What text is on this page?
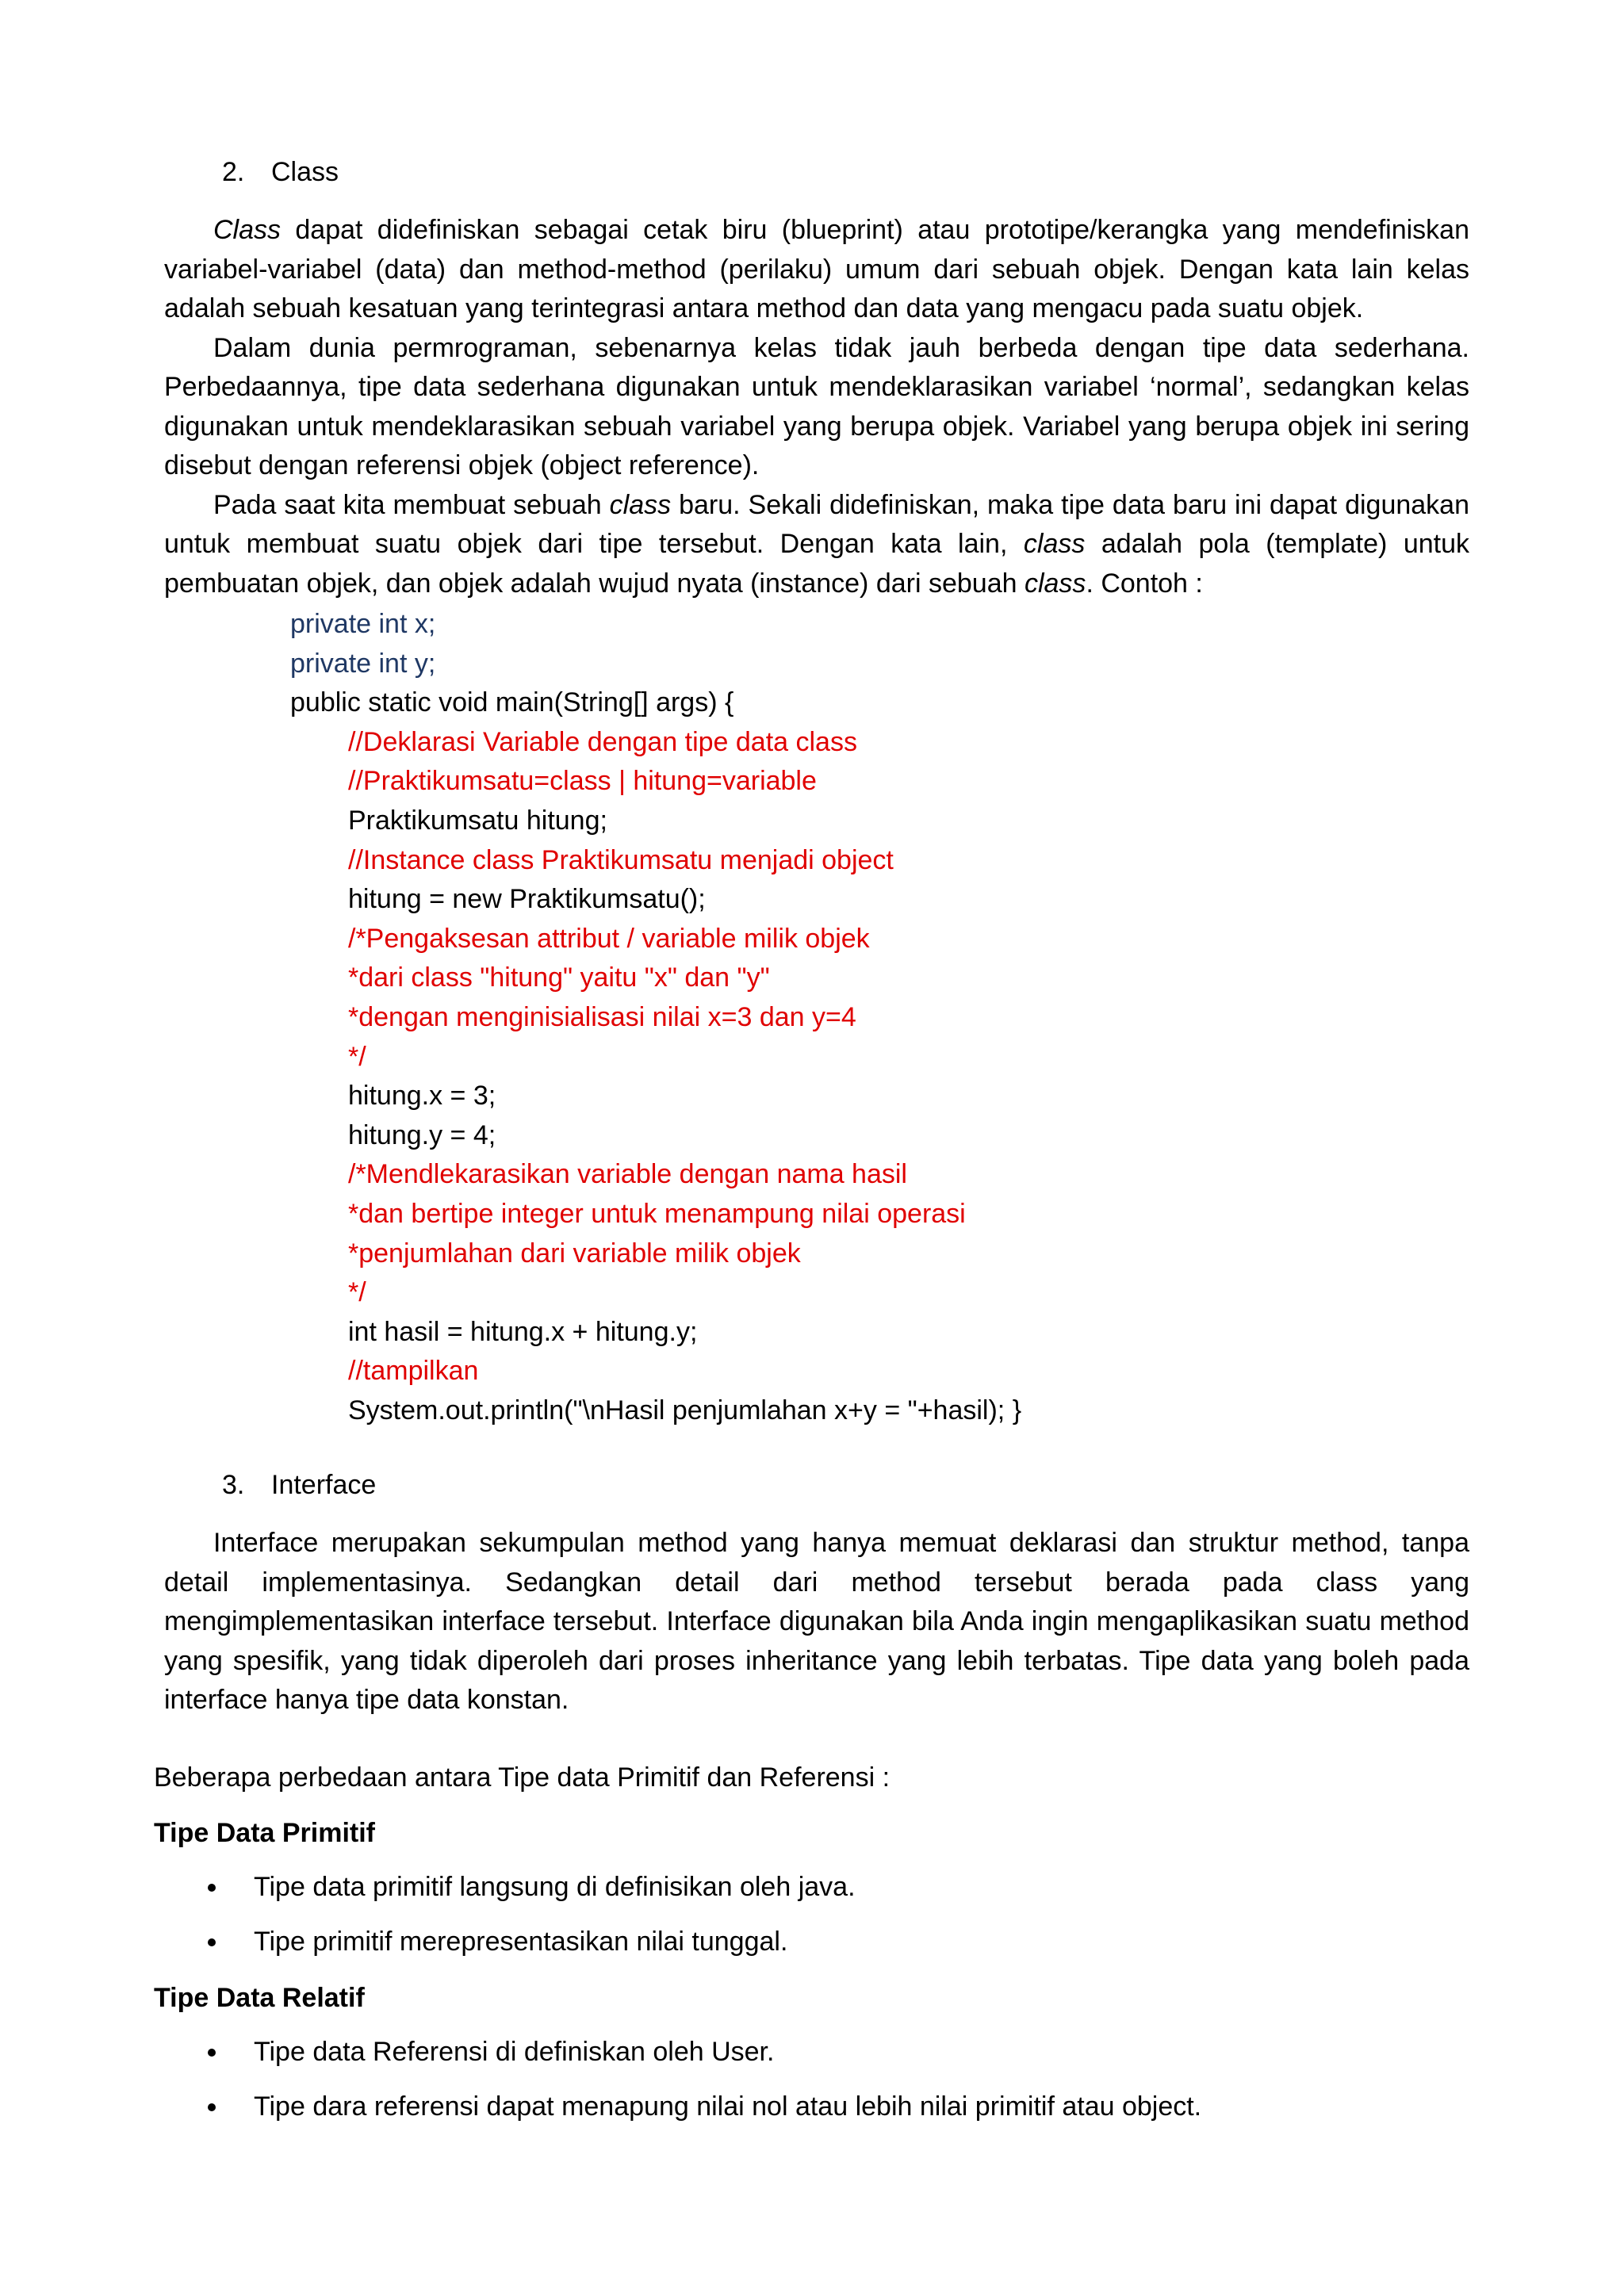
2. Class

Class dapat didefiniskan sebagai cetak biru (blueprint) atau prototipe/kerangka yang mendefiniskan variabel-variabel (data) dan method-method (perilaku) umum dari sebuah objek. Dengan kata lain kelas adalah sebuah kesatuan yang terintegrasi antara method dan data yang mengacu pada suatu objek.

Dalam dunia permrograman, sebenarnya kelas tidak jauh berbeda dengan tipe data sederhana. Perbedaannya, tipe data sederhana digunakan untuk mendeklarasikan variabel ‘normal’, sedangkan kelas digunakan untuk mendeklarasikan sebuah variabel yang berupa objek. Variabel yang berupa objek ini sering disebut dengan referensi objek (object reference).

Pada saat kita membuat sebuah class baru. Sekali didefiniskan, maka tipe data baru ini dapat digunakan untuk membuat suatu objek dari tipe tersebut. Dengan kata lain, class adalah pola (template) untuk pembuatan objek, dan objek adalah wujud nyata (instance) dari sebuah class. Contoh :

private int x;
private int y;
public static void main(String[] args) {
//Deklarasi Variable dengan tipe data class
//Praktikumsatu=class | hitung=variable
Praktikumsatu hitung;
//Instance class Praktikumsatu menjadi object
hitung = new Praktikumsatu();
/*Pengaksesan attribut / variable milik objek
*dari class "hitung" yaitu "x" dan "y"
*dengan menginisialisasi nilai x=3 dan y=4
*/
hitung.x = 3;
hitung.y = 4;
/*Mendlekarasikan variable dengan nama hasil
*dan bertipe integer untuk menampung nilai operasi
*penjumlahan dari variable milik objek
*/
int hasil = hitung.x + hitung.y;
//tampilkan
System.out.println("\nHasil penjumlahan x+y = "+hasil); }
3. Interface

Interface merupakan sekumpulan method yang hanya memuat deklarasi dan struktur method, tanpa detail implementasinya. Sedangkan detail dari method tersebut berada pada class yang mengimplementasikan interface tersebut. Interface digunakan bila Anda ingin mengaplikasikan suatu method yang spesifik, yang tidak diperoleh dari proses inheritance yang lebih terbatas. Tipe data yang boleh pada interface hanya tipe data konstan.

Beberapa perbedaan antara Tipe data Primitif dan Referensi :
Tipe Data Primitif
Tipe data primitif langsung di definisikan oleh java.
Tipe primitif merepresentasikan nilai tunggal.
Tipe Data Relatif
Tipe data Referensi di definiskan oleh User.
Tipe dara referensi dapat menapung nilai nol atau lebih nilai primitif atau object.
